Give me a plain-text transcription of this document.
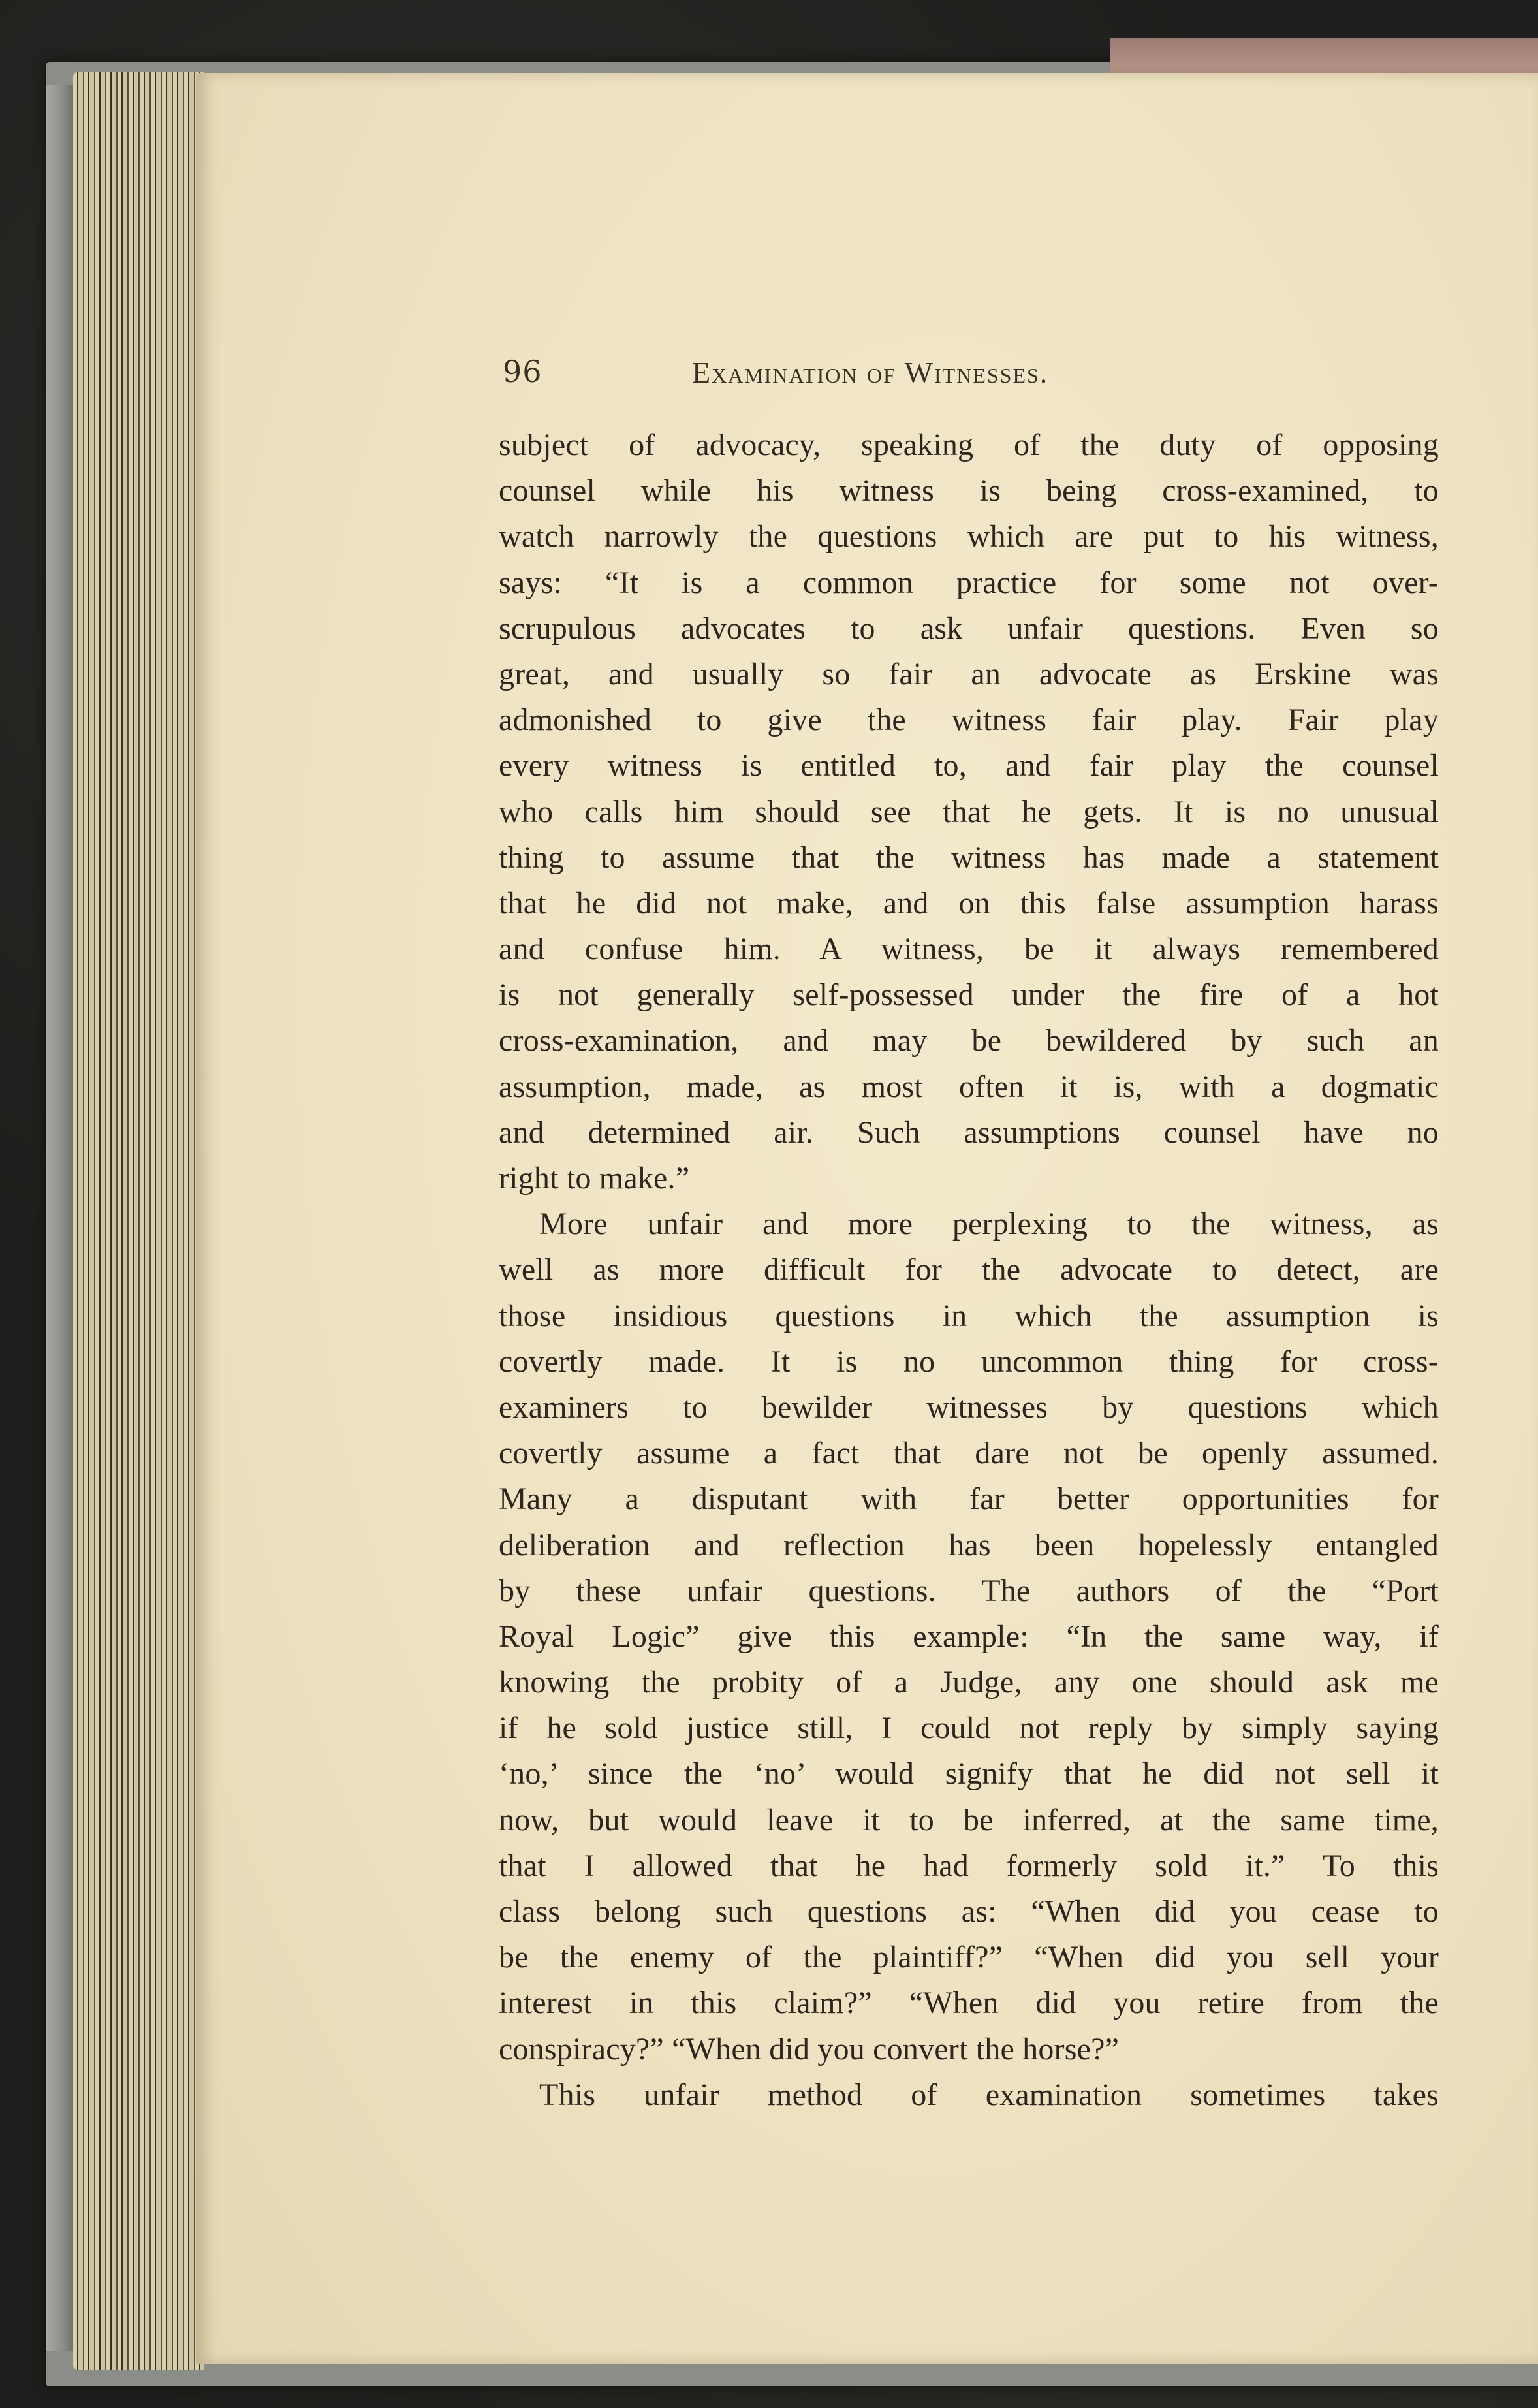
96	Examination of Witnesses.
subject of advocacy, speaking of the duty of opposing
counsel while his witness is being cross-examined, to
watch narrowly the questions which are put to his witness,
says: “It is a common practice for some not over-
scrupulous advocates to ask unfair questions. Even so
great, and usually so fair an advocate as Erskine was
admonished to give the witness fair play. Fair play
every witness is entitled to, and fair play the counsel
who calls him should see that he gets. It is no unusual
thing to assume that the witness has made a statement
that he did not make, and on this false assumption harass
and confuse him. A witness, be it always remembered
is not generally self-possessed under the fire of a hot
cross-examination, and may be bewildered by such an
assumption, made, as most often it is, with a dogmatic
and determined air. Such assumptions counsel have no
right to make.”
More unfair and more perplexing to the witness, as
well as more difficult for the advocate to detect, are
those insidious questions in which the assumption is
covertly made. It is no uncommon thing for cross-
examiners to bewilder witnesses by questions which
covertly assume a fact that dare not be openly assumed.
Many a disputant with far better opportunities for
deliberation and reflection has been hopelessly entangled
by these unfair questions. The authors of the “Port
Royal Logic” give this example: “In the same way, if
knowing the probity of a Judge, any one should ask me
if he sold justice still, I could not reply by simply saying
‘no,’ since the ‘no’ would signify that he did not sell it
now, but would leave it to be inferred, at the same time,
that I allowed that he had formerly sold it.” To this
class belong such questions as: “When did you cease to
be the enemy of the plaintiff?” “When did you sell your
interest in this claim?” “When did you retire from the
conspiracy?” “When did you convert the horse?”
This unfair method of examination sometimes takes
